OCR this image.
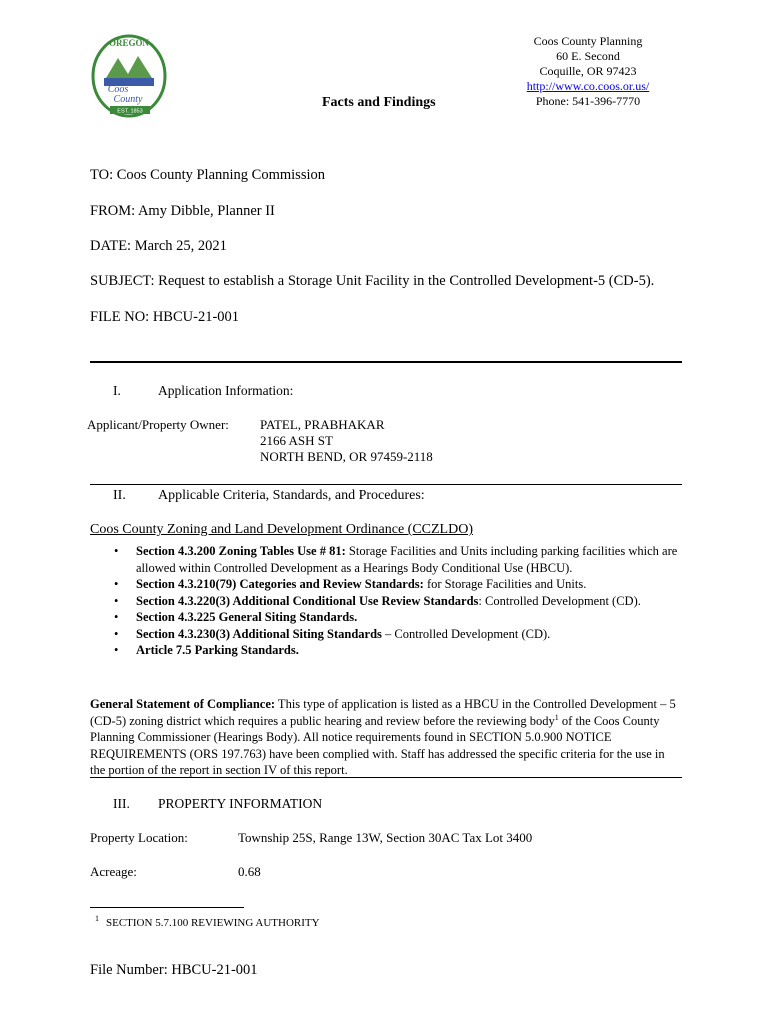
OREGON
Coos
County
EST. 1853
Facts and Findings
Coos County Planning
60 E. Second
Coquille, OR 97423
http://www.co.coos.or.us/
Phone: 541-396-7770
TO: Coos County Planning Commission
FROM: Amy Dibble, Planner II
DATE: March 25, 2021
SUBJECT: Request to establish a Storage Unit Facility in the Controlled Development-5 (CD-5).
FILE NO: HBCU-21-001
I.	Application Information:
Applicant/Property Owner: PATEL, PRABHAKAR
2166 ASH ST
NORTH BEND, OR 97459-2118
II. Applicable Criteria, Standards, and Procedures:
Coos County Zoning and Land Development Ordinance (CCZLDO)
• Section 4.3.200 Zoning Tables Use # 81: Storage Facilities and Units including parking facilities which are allowed within Controlled Development as a Hearings Body Conditional Use (HBCU).
• Section 4.3.210(79) Categories and Review Standards: for Storage Facilities and Units.
• Section 4.3.220(3) Additional Conditional Use Review Standards: Controlled Development (CD).
• Section 4.3.225 General Siting Standards.
• Section 4.3.230(3) Additional Siting Standards – Controlled Development (CD).
• Article 7.5 Parking Standards.
General Statement of Compliance: This type of application is listed as a HBCU in the Controlled Development – 5 (CD-5) zoning district which requires a public hearing and review before the reviewing body$^1$ of the Coos County Planning Commissioner (Hearings Body). All notice requirements found in SECTION 5.0.900 NOTICE REQUIREMENTS (ORS 197.763) have been complied with. Staff has addressed the specific criteria for the use in the portion of the report in section IV of this report.
III. PROPERTY INFORMATION
Property Location:	Township 25S, Range 13W, Section 30AC Tax Lot 3400
Acreage:	0.68
1 SECTION 5.7.100 REVIEWING AUTHORITY
File Number: HBCU-21-001
